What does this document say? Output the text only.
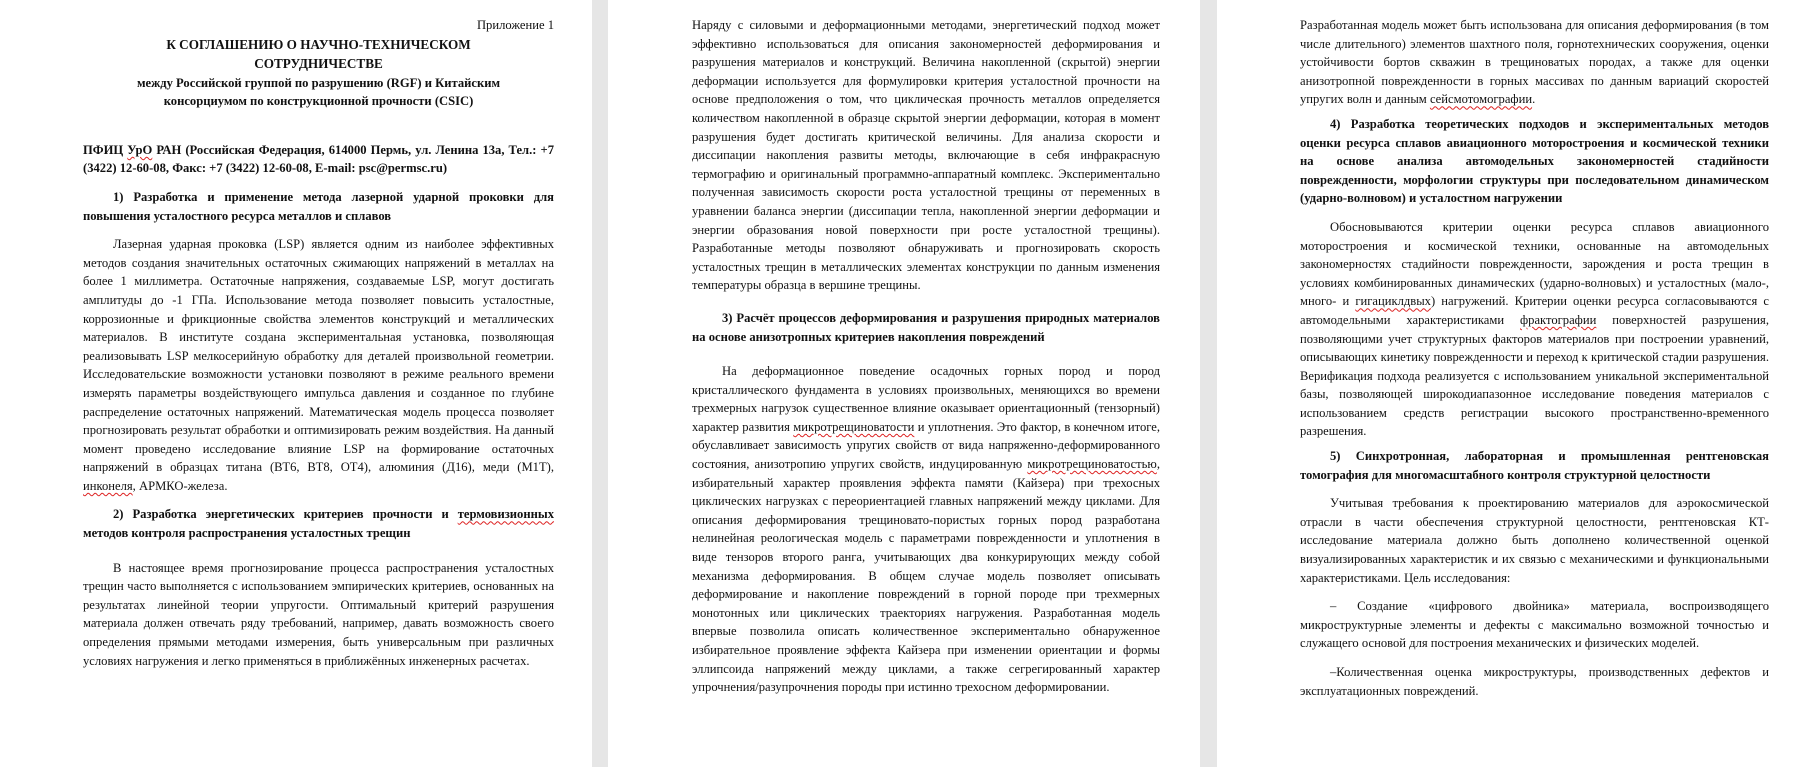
Приложение 1

К СОГЛАШЕНИЮ О НАУЧНО-ТЕХНИЧЕСКОМ
СОТРУДНИЧЕСТВЕ
между Российской группой по разрушению (RGF) и Китайским
консорциумом по конструкционной прочности (CSIC)

ПФИЦ УрО РАН (Российская Федерация, 614000 Пермь, ул. Ленина 13а, Тел.: +7 (3422) 12-60-08, Факс: +7 (3422) 12-60-08, E-mail: psc@permsc.ru)

1) Разработка и применение метода лазерной ударной проковки для повышения усталостного ресурса металлов и сплавов

Лазерная ударная проковка (LSP) является одним из наиболее эффективных методов создания значительных остаточных сжимающих напряжений в металлах на более 1 миллиметра. Остаточные напряжения, создаваемые LSP, могут достигать амплитуды до -1 ГПа. Использование метода позволяет повысить усталостные, коррозионные и фрикционные свойства элементов конструкций и металлических материалов. В институте создана экспериментальная установка, позволяющая реализовывать LSP мелкосерийную обработку для деталей произвольной геометрии. Исследовательские возможности установки позволяют в режиме реального времени измерять параметры воздействующего импульса давления и созданное по глубине распределение остаточных напряжений. Математическая модель процесса позволяет прогнозировать результат обработки и оптимизировать режим воздействия. На данный момент проведено исследование влияние LSP на формирование остаточных напряжений в образцах титана (ВТ6, ВТ8, ОТ4), алюминия (Д16), меди (М1Т), инконеля, АРМКО-железа.

2) Разработка энергетических критериев прочности и термовизионных методов контроля распространения усталостных трещин

В настоящее время прогнозирование процесса распространения усталостных трещин часто выполняется с использованием эмпирических критериев, основанных на результатах линейной теории упругости. Оптимальный критерий разрушения материала должен отвечать ряду требований, например, давать возможность своего определения прямыми методами измерения, быть универсальным при различных условиях нагружения и легко применяться в приближённых инженерных расчетах.

Наряду с силовыми и деформационными методами, энергетический подход может эффективно использоваться для описания закономерностей деформирования и разрушения материалов и конструкций. Величина накопленной (скрытой) энергии деформации используется для формулировки критерия усталостной прочности на основе предположения о том, что циклическая прочность металлов определяется количеством накопленной в образце скрытой энергии деформации, которая в момент разрушения будет достигать критической величины. Для анализа скорости и диссипации накопления развиты методы, включающие в себя инфракрасную термографию и оригинальный программно-аппаратный комплекс. Экспериментально полученная зависимость скорости роста усталостной трещины от переменных в уравнении баланса энергии (диссипации тепла, накопленной энергии деформации и энергии образования новой поверхности при росте усталостной трещины). Разработанные методы позволяют обнаруживать и прогнозировать скорость усталостных трещин в металлических элементах конструкции по данным изменения температуры образца в вершине трещины.

3) Расчёт процессов деформирования и разрушения природных материалов на основе анизотропных критериев накопления повреждений

На деформационное поведение осадочных горных пород и пород кристаллического фундамента в условиях произвольных, меняющихся во времени трехмерных нагрузок существенное влияние оказывает ориентационный (тензорный) характер развития микротрещиноватости и уплотнения. Это фактор, в конечном итоге, обуславливает зависимость упругих свойств от вида напряженно-деформированного состояния, анизотропию упругих свойств, индуцированную микротрещиноватостью, избирательный характер проявления эффекта памяти (Кайзера) при трехосных циклических нагрузках с переориентацией главных напряжений между циклами. Для описания деформирования трещиновато-пористых горных пород разработана нелинейная реологическая модель с параметрами поврежденности и уплотнения в виде тензоров второго ранга, учитывающих два конкурирующих между собой механизма деформирования. В общем случае модель позволяет описывать деформирование и накопление повреждений в горной породе при трехмерных монотонных или циклических траекториях нагружения. Разработанная модель впервые позволила описать количественное экспериментально обнаруженное избирательное проявление эффекта Кайзера при изменении ориентации и формы эллипсоида напряжений между циклами, а также сегрегированный характер упрочнения/разупрочнения породы при истинно трехосном деформировании.

Разработанная модель может быть использована для описания деформирования (в том числе длительного) элементов шахтного поля, горнотехнических сооружения, оценки устойчивости бортов скважин в трещиноватых породах, а также для оценки анизотропной поврежденности в горных массивах по данным вариаций скоростей упругих волн и данным сейсмотомографии.

4) Разработка теоретических подходов и экспериментальных методов оценки ресурса сплавов авиационного моторостроения и космической техники на основе анализа автомодельных закономерностей стадийности поврежденности, морфологии структуры при последовательном динамическом (ударно-волновом) и усталостном нагружении

Обосновываются критерии оценки ресурса сплавов авиационного моторостроения и космической техники, основанные на автомодельных закономерностях стадийности поврежденности, зарождения и роста трещин в условиях комбинированных динамических (ударно-волновых) и усталостных (мало-, много- и гигациклдвых) нагружений. Критерии оценки ресурса согласовываются с автомодельными характеристиками фрактографии поверхностей разрушения, позволяющими учет структурных факторов материалов при построении уравнений, описывающих кинетику поврежденности и переход к критической стадии разрушения. Верификация подхода реализуется с использованием уникальной экспериментальной базы, позволяющей широкодиапазонное исследование поведения материалов с использованием средств регистрации высокого пространственно-временного разрешения.

5) Синхротронная, лабораторная и промышленная рентгеновская томография для многомасштабного контроля структурной целостности

Учитывая требования к проектированию материалов для аэрокосмической отрасли в части обеспечения структурной целостности, рентгеновская КТ-исследование материала должно быть дополнено количественной оценкой визуализированных характеристик и их связью с механическими и функциональными характеристиками. Цель исследования:

– Создание «цифрового двойника» материала, воспроизводящего микроструктурные элементы и дефекты с максимально возможной точностью и служащего основой для построения механических и физических моделей.

–Количественная оценка микроструктуры, производственных дефектов и эксплуатационных повреждений.
